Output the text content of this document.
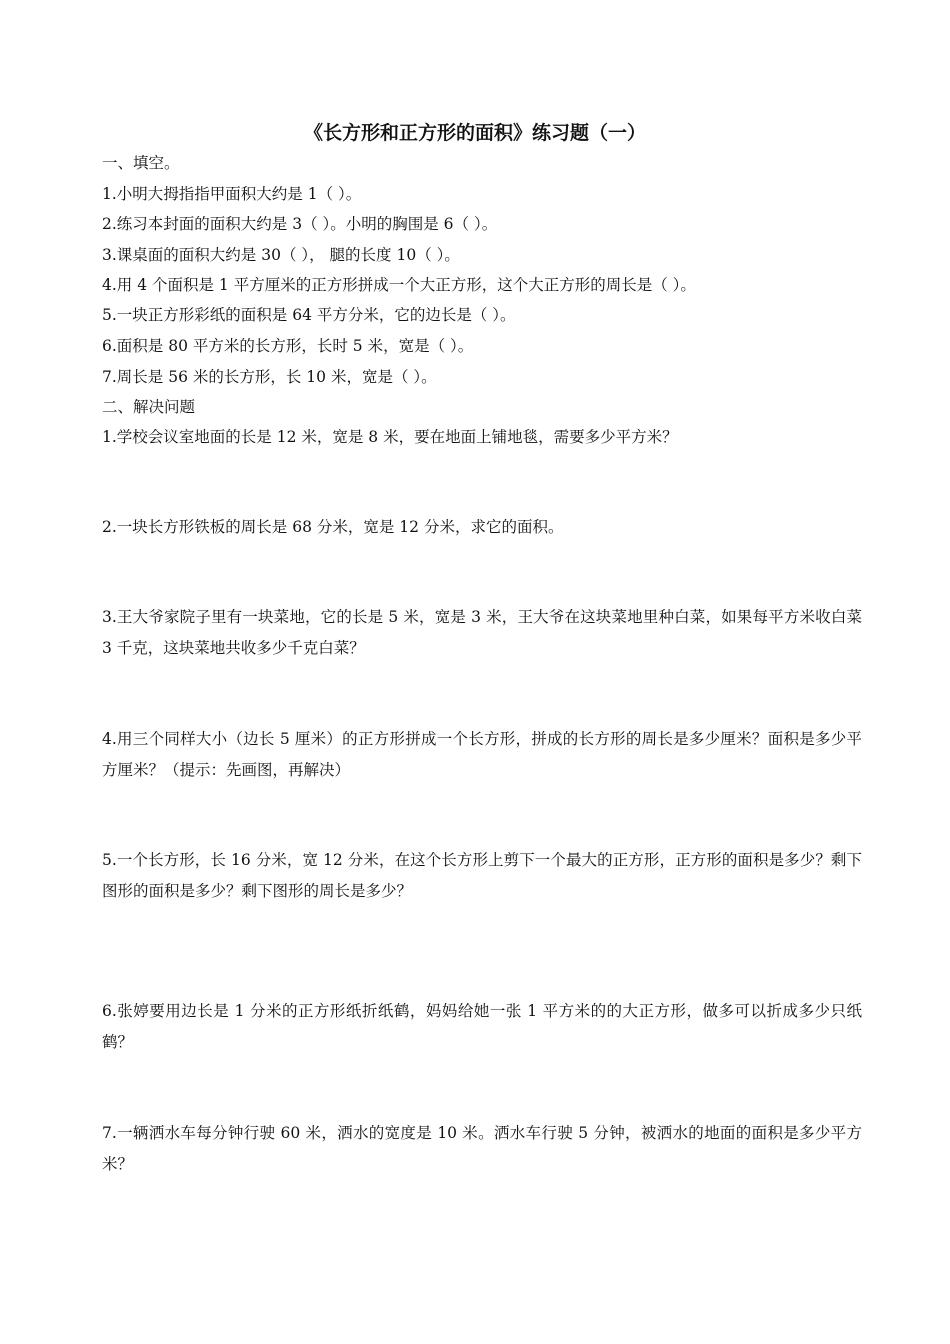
《长方形和正方形的面积》练习题（一）
一、填空。
1.小明大拇指指甲面积大约是 1（ ）。
2.练习本封面的面积大约是 3（ ）。小明的胸围是 6（ ）。
3.课桌面的面积大约是 30（ ）， 腿的长度 10（ ）。
4.用 4 个面积是 1 平方厘米的正方形拼成一个大正方形，这个大正方形的周长是（ ）。
5.一块正方形彩纸的面积是 64 平方分米，它的边长是（ ）。
6.面积是 80 平方米的长方形，长时 5 米，宽是（ ）。
7.周长是 56 米的长方形，长 10 米，宽是（ ）。
二、解决问题
1.学校会议室地面的长是 12 米，宽是 8 米，要在地面上铺地毯，需要多少平方米？
2.一块长方形铁板的周长是 68 分米，宽是 12 分米，求它的面积。
3.王大爷家院子里有一块菜地，它的长是 5 米，宽是 3 米，王大爷在这块菜地里种白菜，如果每平方米收白菜 3 千克，这块菜地共收多少千克白菜？
4.用三个同样大小（边长 5 厘米）的正方形拼成一个长方形，拼成的长方形的周长是多少厘米？面积是多少平方厘米？（提示：先画图，再解决）
5.一个长方形，长 16 分米，宽 12 分米，在这个长方形上剪下一个最大的正方形，正方形的面积是多少？剩下图形的面积是多少？剩下图形的周长是多少？
6.张婷要用边长是 1 分米的正方形纸折纸鹤，妈妈给她一张 1 平方米的的大正方形，做多可以折成多少只纸鹤？
7.一辆洒水车每分钟行驶 60 米，洒水的宽度是 10 米。洒水车行驶 5 分钟，被洒水的地面的面积是多少平方米？
